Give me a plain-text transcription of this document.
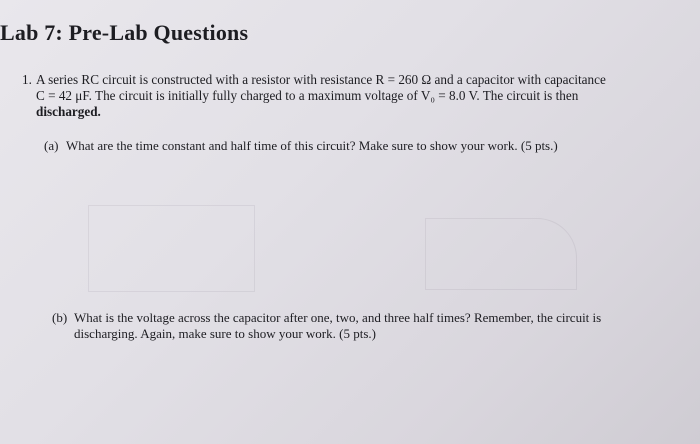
Lab 7: Pre-Lab Questions
1. A series RC circuit is constructed with a resistor with resistance R = 260 Ω and a capacitor with capacitance
C = 42 μF. The circuit is initially fully charged to a maximum voltage of V₀ = 8.0 V. The circuit is then
discharged.
(a) What are the time constant and half time of this circuit? Make sure to show your work. (5 pts.)
(b) What is the voltage across the capacitor after one, two, and three half times? Remember, the circuit is
discharging. Again, make sure to show your work. (5 pts.)
